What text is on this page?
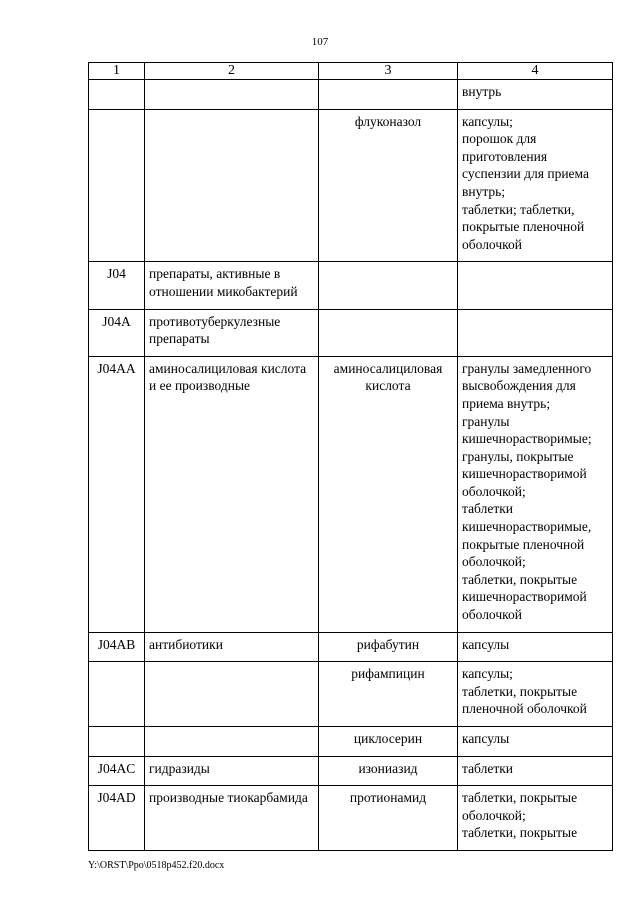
107
1	2	3	4
			внутрь
		флуконазол	капсулы;
порошок для приготовления суспензии для приема внутрь;
таблетки; таблетки, покрытые пленочной оболочкой
J04	препараты, активные в отношении микобактерий		
J04A	противотуберкулезные препараты		
J04AA	аминосалициловая кислота и ее производные	аминосалициловая кислота	гранулы замедленного высвобождения для приема внутрь;
гранулы кишечнорастворимые;
гранулы, покрытые кишечнорастворимой оболочкой;
таблетки кишечнорастворимые, покрытые пленочной оболочкой;
таблетки, покрытые кишечнорастворимой оболочкой
J04AB	антибиотики	рифабутин	капсулы
		рифампицин	капсулы;
таблетки, покрытые пленочной оболочкой
		циклосерин	капсулы
J04AC	гидразиды	изониазид	таблетки
J04AD	производные тиокарбамида	протионамид	таблетки, покрытые оболочкой;
таблетки, покрытые
Y:\ORST\Ppo\0518p452.f20.docx
